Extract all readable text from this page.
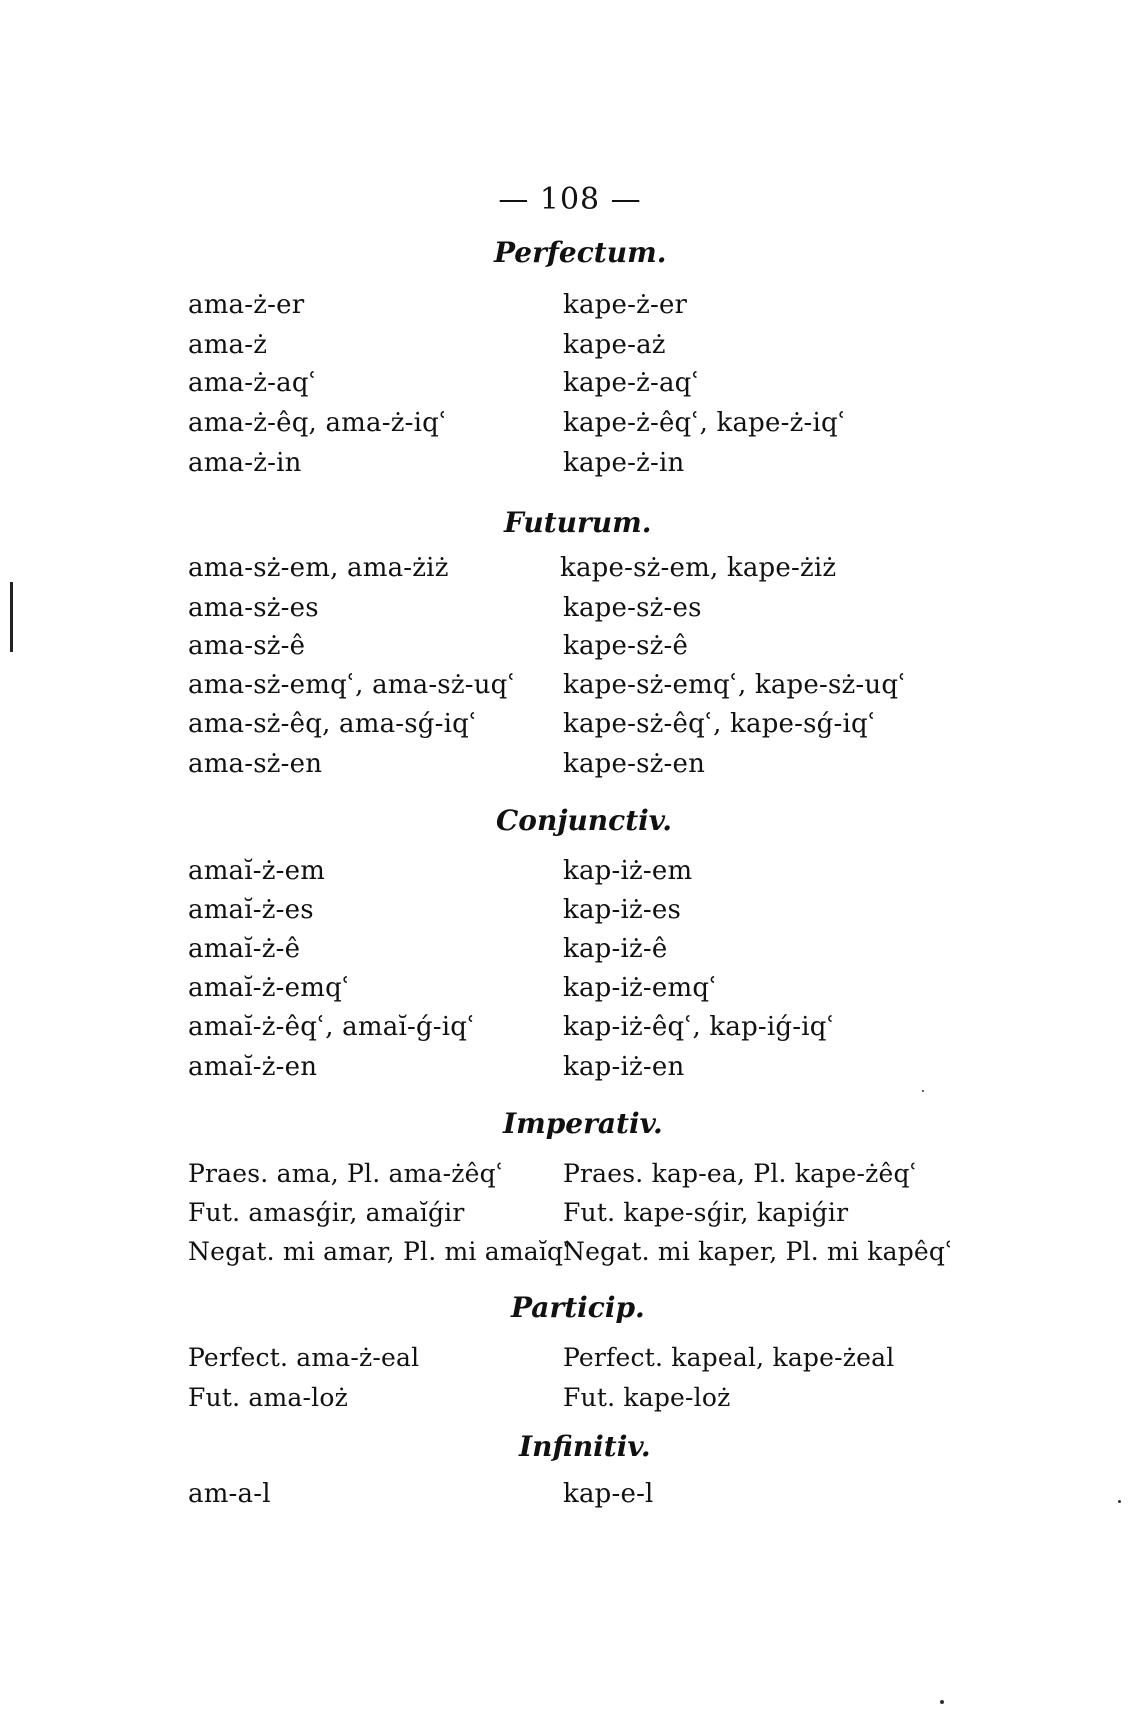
— 108 —
Perfectum.
ama-ż-er
ama-ż
ama-ż-aqʿ
ama-ż-êq, ama-ż-iqʿ
ama-ż-in
kape-ż-er
kape-aż
kape-ż-aqʿ
kape-ż-êqʿ, kape-ż-iqʿ
kape-ż-in
Futurum.
ama-sż-em, ama-żiż
ama-sż-es
ama-sż-ê
ama-sż-emqʿ, ama-sż-uqʿ
ama-sż-êq, ama-sǵ-iqʿ
ama-sż-en
kape-sż-em, kape-żiż
kape-sż-es
kape-sż-ê
kape-sż-emqʿ, kape-sż-uqʿ
kape-sż-êqʿ, kape-sǵ-iqʿ
kape-sż-en
Conjunctiv.
amaĭ-ż-em
amaĭ-ż-es
amaĭ-ż-ê
amaĭ-ż-emqʿ
amaĭ-ż-êqʿ, amaĭ-ǵ-iqʿ
amaĭ-ż-en
kap-iż-em
kap-iż-es
kap-iż-ê
kap-iż-emqʿ
kap-iż-êqʿ, kap-iǵ-iqʿ
kap-iż-en
Imperativ.
Praes. ama, Pl. ama-żêqʿ
Fut. amasǵir, amaĭǵir
Negat. mi amar, Pl. mi amaĭqʿ
Praes. kap-ea, Pl. kape-żêqʿ
Fut. kape-sǵir, kapiǵir
Negat. mi kaper, Pl. mi kapêqʿ
Particip.
Perfect. ama-ż-eal
Fut. ama-loż
Perfect. kapeal, kape-żeal
Fut. kape-loż
Infinitiv.
am-a-l	kap-e-l
